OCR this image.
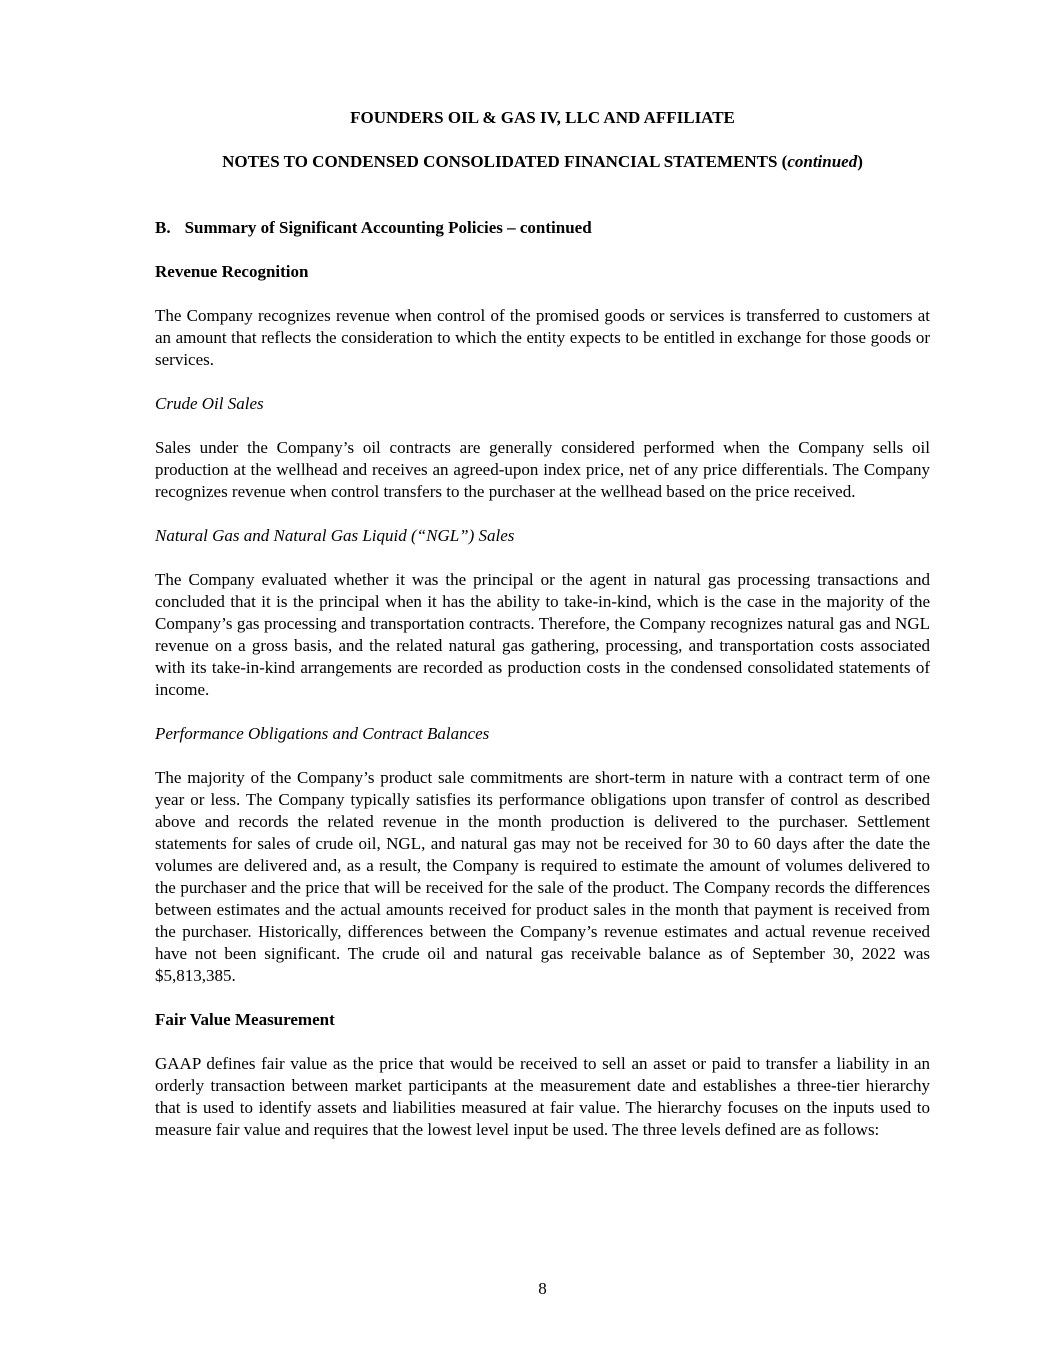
FOUNDERS OIL & GAS IV, LLC AND AFFILIATE
NOTES TO CONDENSED CONSOLIDATED FINANCIAL STATEMENTS (continued)
B. Summary of Significant Accounting Policies – continued
Revenue Recognition

The Company recognizes revenue when control of the promised goods or services is transferred to customers at an amount that reflects the consideration to which the entity expects to be entitled in exchange for those goods or services.

Crude Oil Sales

Sales under the Company’s oil contracts are generally considered performed when the Company sells oil production at the wellhead and receives an agreed-upon index price, net of any price differentials. The Company recognizes revenue when control transfers to the purchaser at the wellhead based on the price received.

Natural Gas and Natural Gas Liquid (“NGL”) Sales

The Company evaluated whether it was the principal or the agent in natural gas processing transactions and concluded that it is the principal when it has the ability to take-in-kind, which is the case in the majority of the Company’s gas processing and transportation contracts. Therefore, the Company recognizes natural gas and NGL revenue on a gross basis, and the related natural gas gathering, processing, and transportation costs associated with its take-in-kind arrangements are recorded as production costs in the condensed consolidated statements of income.

Performance Obligations and Contract Balances

The majority of the Company’s product sale commitments are short-term in nature with a contract term of one year or less. The Company typically satisfies its performance obligations upon transfer of control as described above and records the related revenue in the month production is delivered to the purchaser. Settlement statements for sales of crude oil, NGL, and natural gas may not be received for 30 to 60 days after the date the volumes are delivered and, as a result, the Company is required to estimate the amount of volumes delivered to the purchaser and the price that will be received for the sale of the product. The Company records the differences between estimates and the actual amounts received for product sales in the month that payment is received from the purchaser. Historically, differences between the Company’s revenue estimates and actual revenue received have not been significant. The crude oil and natural gas receivable balance as of September 30, 2022 was $5,813,385.

Fair Value Measurement

GAAP defines fair value as the price that would be received to sell an asset or paid to transfer a liability in an orderly transaction between market participants at the measurement date and establishes a three-tier hierarchy that is used to identify assets and liabilities measured at fair value. The hierarchy focuses on the inputs used to measure fair value and requires that the lowest level input be used. The three levels defined are as follows:

8
